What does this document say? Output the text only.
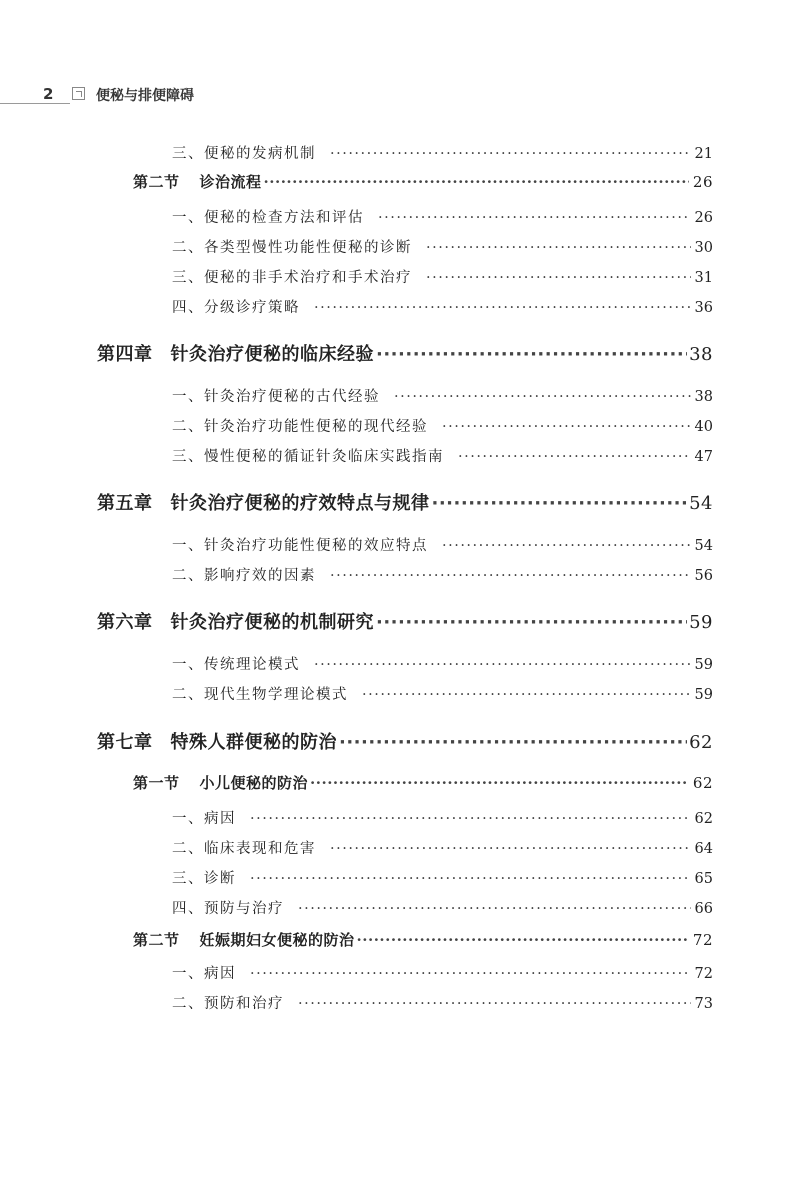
2	便秘与排便障碍
三、便秘的发病机制 ·····	21
第二节 诊治流程 ·····	26
一、便秘的检查方法和评估 ·····	26
二、各类型慢性功能性便秘的诊断 ·····	30
三、便秘的非手术治疗和手术治疗 ·····	31
四、分级诊疗策略 ·····	36
第四章 针灸治疗便秘的临床经验 ·····	38
一、针灸治疗便秘的古代经验 ·····	38
二、针灸治疗功能性便秘的现代经验 ·····	40
三、慢性便秘的循证针灸临床实践指南 ·····	47
第五章 针灸治疗便秘的疗效特点与规律 ·····	54
一、针灸治疗功能性便秘的效应特点 ·····	54
二、影响疗效的因素 ·····	56
第六章 针灸治疗便秘的机制研究 ·····	59
一、传统理论模式 ·····	59
二、现代生物学理论模式 ·····	59
第七章 特殊人群便秘的防治 ·····	62
第一节 小儿便秘的防治 ·····	62
一、病因 ·····	62
二、临床表现和危害 ·····	64
三、诊断 ·····	65
四、预防与治疗 ·····	66
第二节 妊娠期妇女便秘的防治 ·····	72
一、病因 ·····	72
二、预防和治疗 ·····	73
